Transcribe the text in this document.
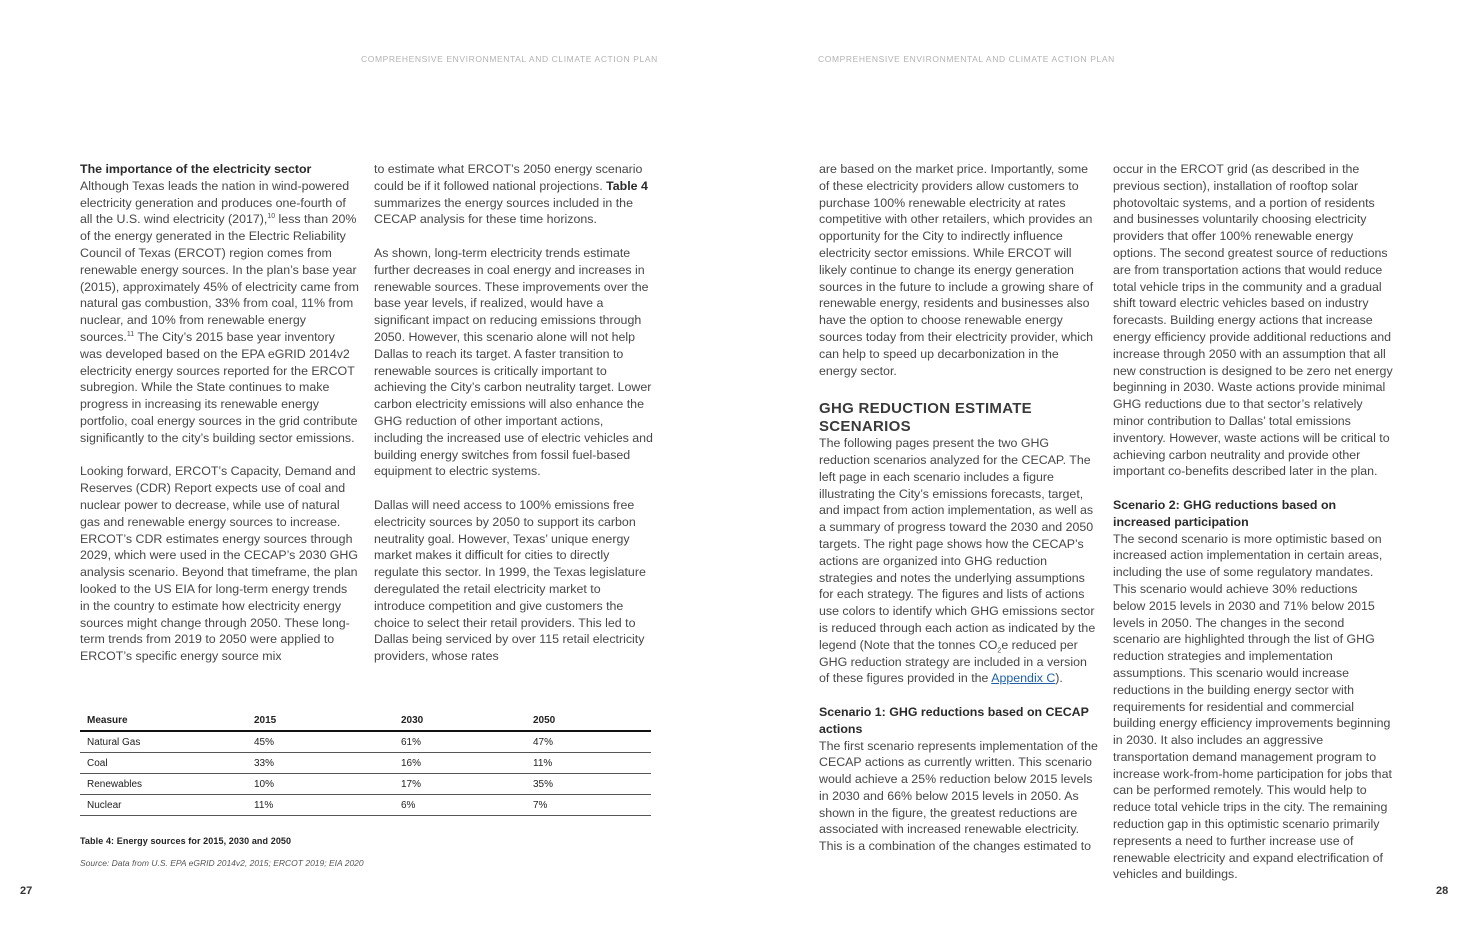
COMPREHENSIVE ENVIRONMENTAL AND CLIMATE ACTION PLAN	COMPREHENSIVE ENVIRONMENTAL AND CLIMATE ACTION PLAN
The importance of the electricity sector

Although Texas leads the nation in wind-powered electricity generation and produces one-fourth of all the U.S. wind electricity (2017),$^{10}$ less than 20% of the energy generated in the Electric Reliability Council of Texas (ERCOT) region comes from renewable energy sources. In the plan’s base year (2015), approximately 45% of electricity came from natural gas combustion, 33% from coal, 11% from nuclear, and 10% from renewable energy sources.$^{11}$ The City’s 2015 base year inventory was developed based on the EPA eGRID 2014v2 electricity energy sources reported for the ERCOT subregion. While the State continues to make progress in increasing its renewable energy portfolio, coal energy sources in the grid contribute significantly to the city’s building sector emissions.

Looking forward, ERCOT’s Capacity, Demand and Reserves (CDR) Report expects use of coal and nuclear power to decrease, while use of natural gas and renewable energy sources to increase. ERCOT’s CDR estimates energy sources through 2029, which were used in the CECAP’s 2030 GHG analysis scenario. Beyond that timeframe, the plan looked to the US EIA for long-term energy trends in the country to estimate how electricity energy sources might change through 2050. These long-term trends from 2019 to 2050 were applied to ERCOT’s specific energy source mix

to estimate what ERCOT’s 2050 energy scenario could be if it followed national projections. Table 4 summarizes the energy sources included in the CECAP analysis for these time horizons.

As shown, long-term electricity trends estimate further decreases in coal energy and increases in renewable sources. These improvements over the base year levels, if realized, would have a significant impact on reducing emissions through 2050. However, this scenario alone will not help Dallas to reach its target. A faster transition to renewable sources is critically important to achieving the City’s carbon neutrality target. Lower carbon electricity emissions will also enhance the GHG reduction of other important actions, including the increased use of electric vehicles and building energy switches from fossil fuel-based equipment to electric systems.

Dallas will need access to 100% emissions free electricity sources by 2050 to support its carbon neutrality goal. However, Texas’ unique energy market makes it difficult for cities to directly regulate this sector. In 1999, the Texas legislature deregulated the retail electricity market to introduce competition and give customers the choice to select their retail providers. This led to Dallas being serviced by over 115 retail electricity providers, whose rates

Measure	2015	2030	2050
Natural Gas	45%	61%	47%
Coal	33%	16%	11%
Renewables	10%	17%	35%
Nuclear	11%	6%	7%
Table 4: Energy sources for 2015, 2030 and 2050
Source: Data from U.S. EPA eGRID 2014v2, 2015; ERCOT 2019; EIA 2020

are based on the market price. Importantly, some of these electricity providers allow customers to purchase 100% renewable electricity at rates competitive with other retailers, which provides an opportunity for the City to indirectly influence electricity sector emissions. While ERCOT will likely continue to change its energy generation sources in the future to include a growing share of renewable energy, residents and businesses also have the option to choose renewable energy sources today from their electricity provider, which can help to speed up decarbonization in the energy sector.

GHG REDUCTION ESTIMATE SCENARIOS

The following pages present the two GHG reduction scenarios analyzed for the CECAP. The left page in each scenario includes a figure illustrating the City’s emissions forecasts, target, and impact from action implementation, as well as a summary of progress toward the 2030 and 2050 targets. The right page shows how the CECAP’s actions are organized into GHG reduction strategies and notes the underlying assumptions for each strategy. The figures and lists of actions use colors to identify which GHG emissions sector is reduced through each action as indicated by the legend (Note that the tonnes $CO_2e$ reduced per GHG reduction strategy are included in a version of these figures provided in the Appendix C).

Scenario 1: GHG reductions based on CECAP actions

The first scenario represents implementation of the CECAP actions as currently written. This scenario would achieve a 25% reduction below 2015 levels in 2030 and 66% below 2015 levels in 2050. As shown in the figure, the greatest reductions are associated with increased renewable electricity. This is a combination of the changes estimated to

occur in the ERCOT grid (as described in the previous section), installation of rooftop solar photovoltaic systems, and a portion of residents and businesses voluntarily choosing electricity providers that offer 100% renewable energy options. The second greatest source of reductions are from transportation actions that would reduce total vehicle trips in the community and a gradual shift toward electric vehicles based on industry forecasts. Building energy actions that increase energy efficiency provide additional reductions and increase through 2050 with an assumption that all new construction is designed to be zero net energy beginning in 2030. Waste actions provide minimal GHG reductions due to that sector’s relatively minor contribution to Dallas’ total emissions inventory. However, waste actions will be critical to achieving carbon neutrality and provide other important co-benefits described later in the plan.

Scenario 2: GHG reductions based on increased participation

The second scenario is more optimistic based on increased action implementation in certain areas, including the use of some regulatory mandates. This scenario would achieve 30% reductions below 2015 levels in 2030 and 71% below 2015 levels in 2050. The changes in the second scenario are highlighted through the list of GHG reduction strategies and implementation assumptions. This scenario would increase reductions in the building energy sector with requirements for residential and commercial building energy efficiency improvements beginning in 2030. It also includes an aggressive transportation demand management program to increase work-from-home participation for jobs that can be performed remotely. This would help to reduce total vehicle trips in the city. The remaining reduction gap in this optimistic scenario primarily represents a need to further increase use of renewable electricity and expand electrification of vehicles and buildings.

27	28
